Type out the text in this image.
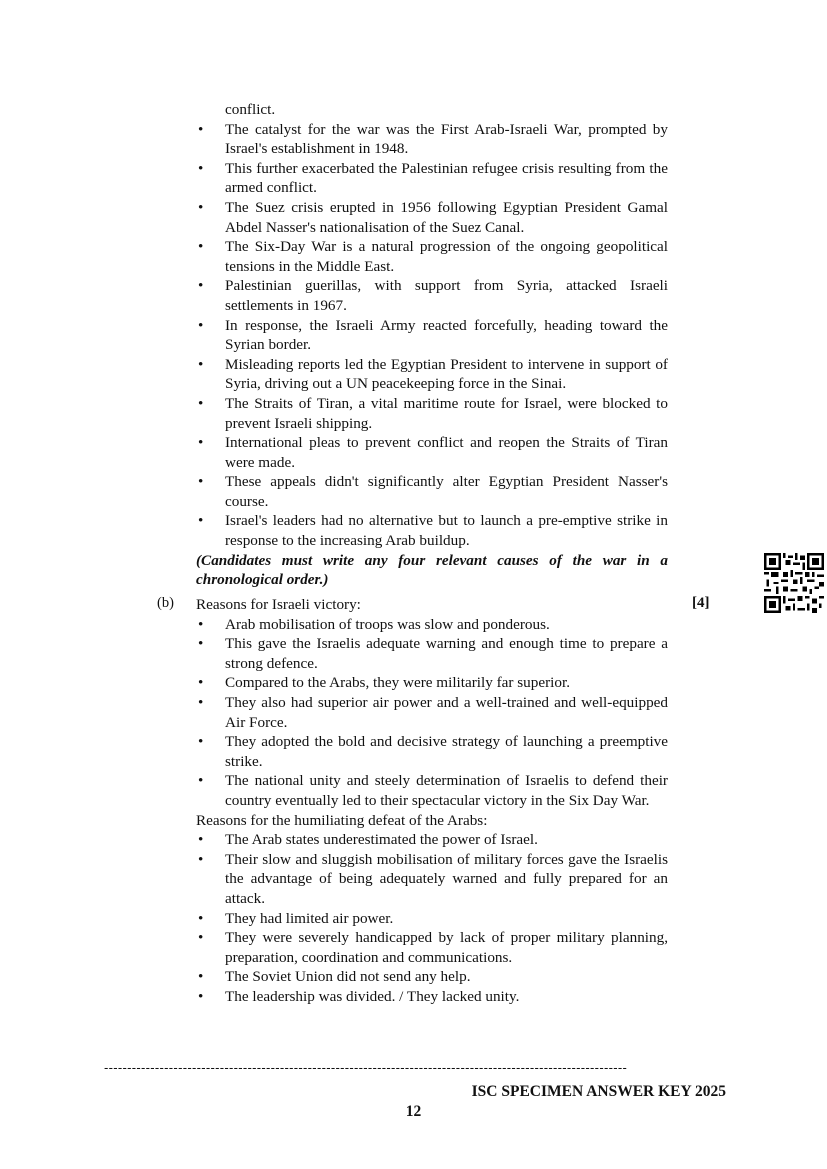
conflict.
• The catalyst for the war was the First Arab-Israeli War, prompted by Israel's establishment in 1948.
• This further exacerbated the Palestinian refugee crisis resulting from the armed conflict.
• The Suez crisis erupted in 1956 following Egyptian President Gamal Abdel Nasser's nationalisation of the Suez Canal.
• The Six-Day War is a natural progression of the ongoing geopolitical tensions in the Middle East.
• Palestinian guerillas, with support from Syria, attacked Israeli settlements in 1967.
• In response, the Israeli Army reacted forcefully, heading toward the Syrian border.
• Misleading reports led the Egyptian President to intervene in support of Syria, driving out a UN peacekeeping force in the Sinai.
• The Straits of Tiran, a vital maritime route for Israel, were blocked to prevent Israeli shipping.
• International pleas to prevent conflict and reopen the Straits of Tiran were made.
• These appeals didn't significantly alter Egyptian President Nasser's course.
• Israel's leaders had no alternative but to launch a pre-emptive strike in response to the increasing Arab buildup.
(Candidates must write any four relevant causes of the war in a chronological order.)
(b)	[4]
Reasons for Israeli victory:
• Arab mobilisation of troops was slow and ponderous.
• This gave the Israelis adequate warning and enough time to prepare a strong defence.
• Compared to the Arabs, they were militarily far superior.
• They also had superior air power and a well-trained and well-equipped Air Force.
• They adopted the bold and decisive strategy of launching a preemptive strike.
• The national unity and steely determination of Israelis to defend their country eventually led to their spectacular victory in the Six Day War.
Reasons for the humiliating defeat of the Arabs:
• The Arab states underestimated the power of Israel.
• Their slow and sluggish mobilisation of military forces gave the Israelis the advantage of being adequately warned and fully prepared for an attack.
• They had limited air power.
• They were severely handicapped by lack of proper military planning, preparation, coordination and communications.
• The Soviet Union did not send any help.
• The leadership was divided. / They lacked unity.
-----------------------------------------------------------------------------------------------------------------
ISC SPECIMEN ANSWER KEY 2025
12
